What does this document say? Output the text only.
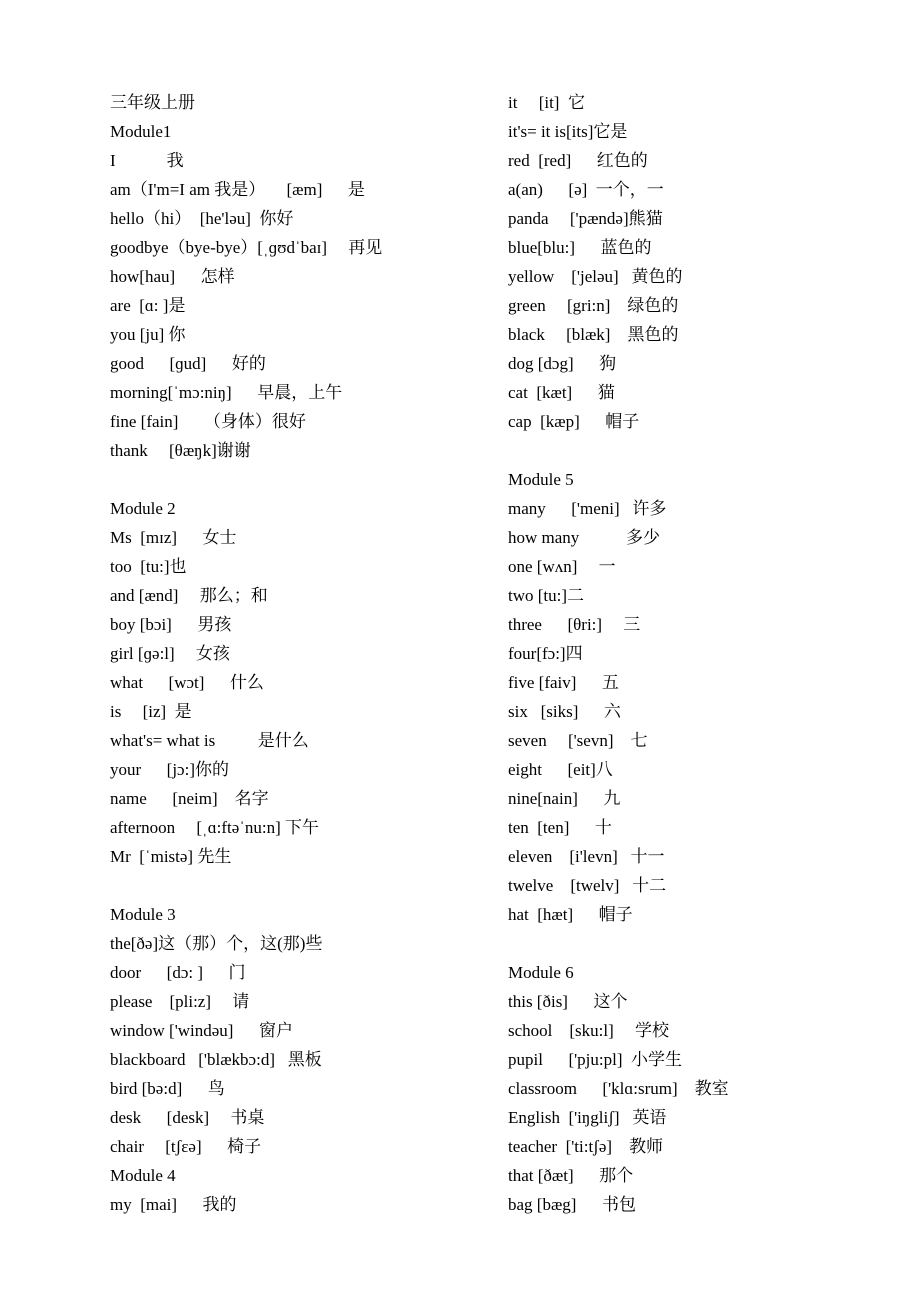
三年级上册
Module1
I            我
am（I'm=I am 我是）     [æm]      是
hello（hi）  [he'ləu]  你好
goodbye（bye-bye）[ˌɡʊdˈbaɪ]     再见
how[hau]      怎样
are  [ɑ: ]是
you [ju] 你
good      [ɡud]      好的
morning[ˈmɔ:niŋ]      早晨，上午
fine [fain]      （身体）很好
thank     [θæŋk]谢谢
Module 2
Ms  [mɪz]      女士
too  [tu:]也
and [ænd]     那么；和
boy [bɔi]      男孩
girl [ɡə:l]     女孩
what      [wɔt]      什么
is     [iz]  是
what's= what is          是什么
your      [jɔ:]你的
name      [neim]    名字
afternoon     [ˌɑ:ftəˈnu:n] 下午
Mr  [ˈmistə] 先生
Module 3
the[ðə]这（那）个，这(那)些
door      [dɔ: ]      门
please    [pli:z]     请
window ['windəu]      窗户
blackboard   ['blækbɔ:d]   黑板
bird [bə:d]      鸟
desk      [desk]     书桌
chair     [tʃεə]      椅子
Module 4
my  [mai]      我的
it     [it]  它
it's= it is[its]它是
red  [red]      红色的
a(an)      [ə]  一个，一
panda     ['pændə]熊猫
blue[blu:]      蓝色的
yellow    ['jeləu]   黄色的
green     [gri:n]    绿色的
black     [blæk]    黑色的
dog [dɔg]      狗
cat  [kæt]      猫
cap  [kæp]      帽子
Module 5
many      ['meni]   许多
how many           多少
one [wʌn]     一
two [tu:]二
three      [θri:]     三
four[fɔ:]四
five [faiv]      五
six   [siks]      六
seven     ['sevn]    七
eight      [eit]八
nine[nain]      九
ten  [ten]      十
eleven    [i'levn]   十一
twelve    [twelv]   十二
hat  [hæt]      帽子
Module 6
this [ðis]      这个
school    [sku:l]     学校
pupil      ['pju:pl]  小学生
classroom      ['klɑ:srum]    教室
English  ['iŋgliʃ]   英语
teacher  ['ti:tʃə]    教师
that [ðæt]      那个
bag [bæg]      书包
